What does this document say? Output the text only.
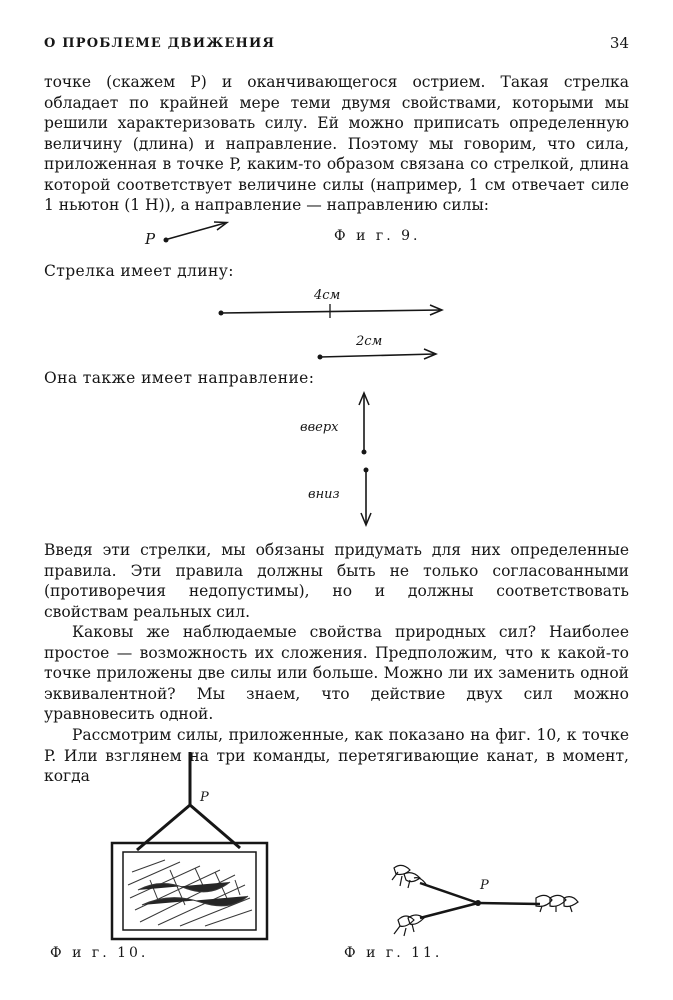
О ПРОБЛЕМЕ ДВИЖЕНИЯ	34

точке (скажем P) и оканчивающегося острием. Такая стрелка обладает по крайней мере теми двумя свойствами, которыми мы решили характеризовать силу. Ей можно приписать определенную величину (длина) и направление. Поэтому мы говорим, что сила, приложенная в точке P, каким-то образом связана со стрелкой, длина которой соответствует величине силы (например, 1 см отвечает силе 1 ньютон (1 Н)), а направление — направлению силы:

P	Ф и г. 9.
Стрелка имеет длину:
4см
2см
Она также имеет направление:
вверх
вниз

Введя эти стрелки, мы обязаны придумать для них определенные правила. Эти правила должны быть не только согласованными (противоречия недопустимы), но и должны соответствовать свойствам реальных сил.

Каковы же наблюдаемые свойства природных сил? Наиболее простое — возможность их сложения. Предположим, что к какой-то точке приложены две силы или больше. Можно ли их заменить одной эквивалентной? Мы знаем, что действие двух сил можно уравновесить одной.

Рассмотрим силы, приложенные, как показано на фиг. 10, к точке P. Или взглянем на три команды, перетягивающие канат, в момент, когда

P
Ф и г. 10.
P
Ф и г. 11.
